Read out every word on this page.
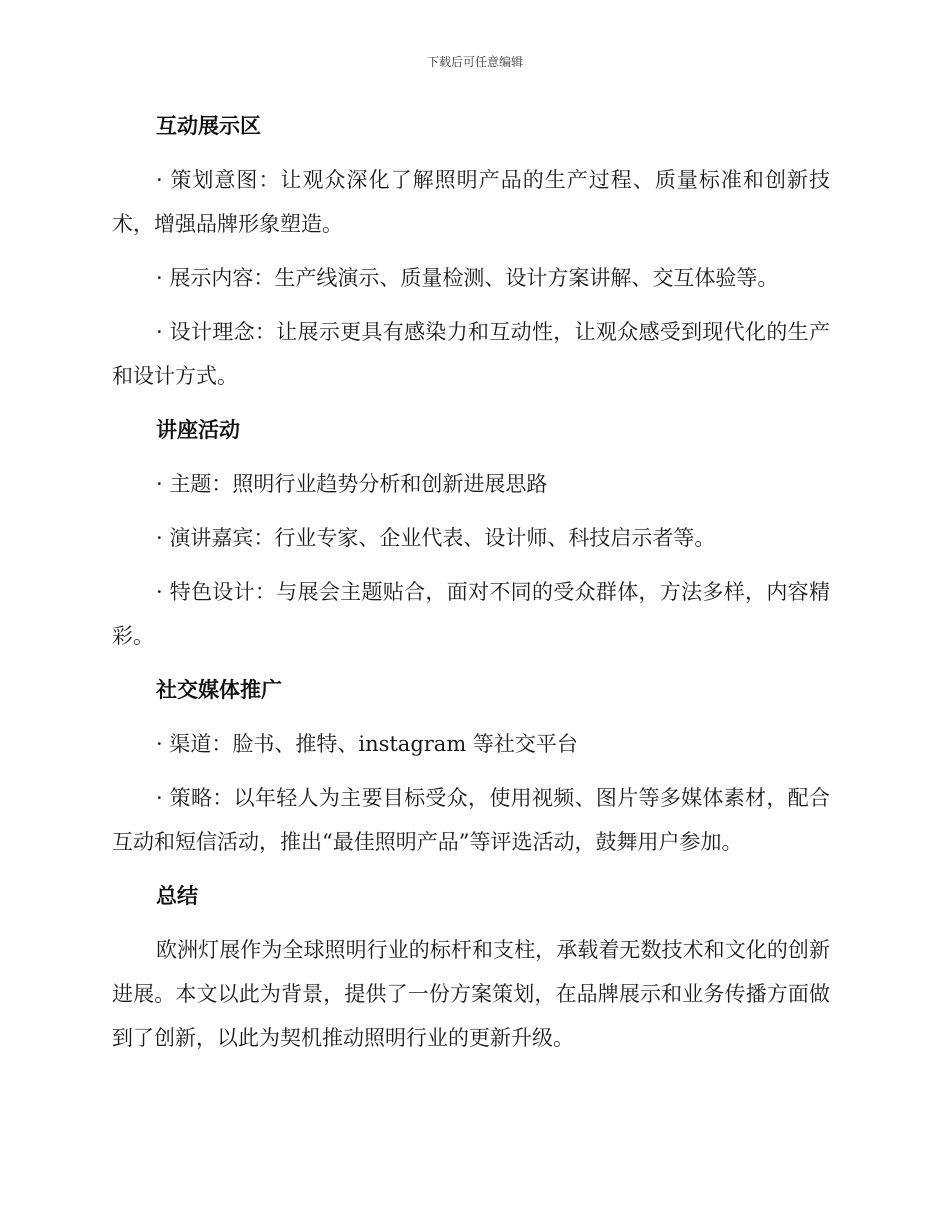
下载后可任意编辑
互动展示区

· 策划意图：让观众深化了解照明产品的生产过程、质量标准和创新技术，增强品牌形象塑造。

· 展示内容：生产线演示、质量检测、设计方案讲解、交互体验等。

· 设计理念：让展示更具有感染力和互动性，让观众感受到现代化的生产和设计方式。

讲座活动

· 主题：照明行业趋势分析和创新进展思路

· 演讲嘉宾：行业专家、企业代表、设计师、科技启示者等。

· 特色设计：与展会主题贴合，面对不同的受众群体，方法多样，内容精彩。

社交媒体推广

· 渠道：脸书、推特、instagram 等社交平台

· 策略：以年轻人为主要目标受众，使用视频、图片等多媒体素材，配合互动和短信活动，推出“最佳照明产品”等评选活动，鼓舞用户参加。

总结

欧洲灯展作为全球照明行业的标杆和支柱，承载着无数技术和文化的创新进展。本文以此为背景，提供了一份方案策划，在品牌展示和业务传播方面做到了创新，以此为契机推动照明行业的更新升级。
